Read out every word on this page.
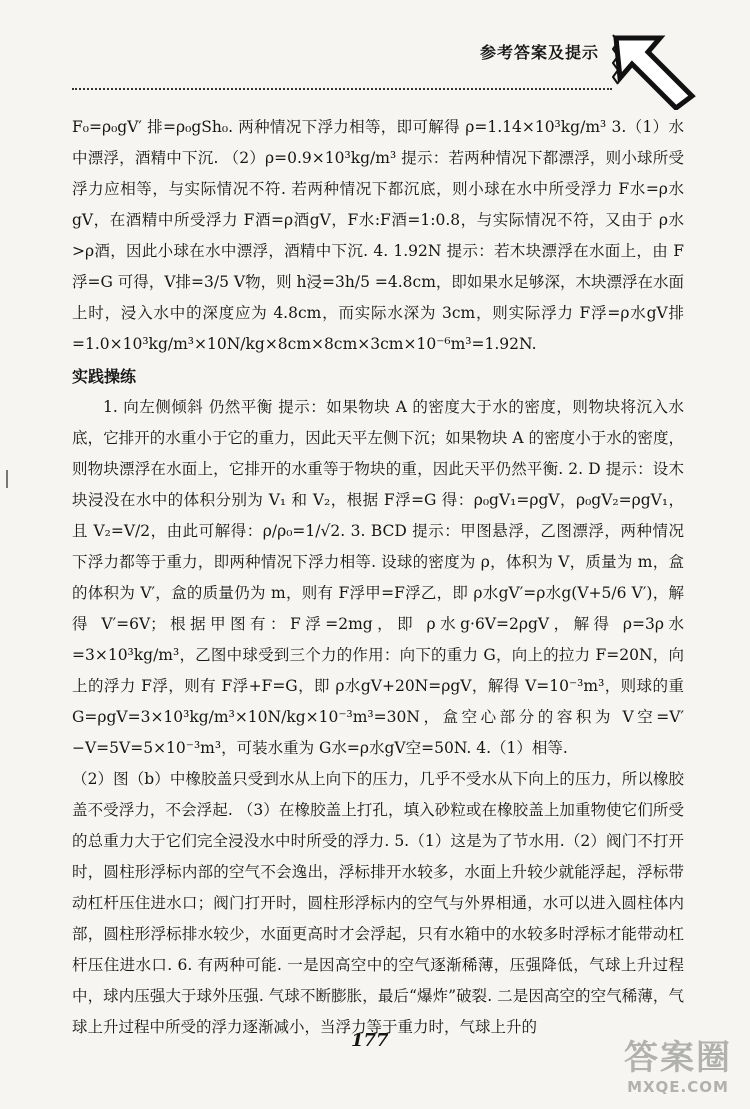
参考答案及提示

F₀=ρ₀gV′ 排=ρ₀gSh₀. 两种情况下浮力相等，即可解得 ρ=1.14×10³kg/m³ 3.（1）水中漂浮，酒精中下沉. （2）ρ=0.9×10³kg/m³ 提示：若两种情况下都漂浮，则小球所受浮力应相等，与实际情况不符. 若两种情况下都沉底，则小球在水中所受浮力 F水=ρ水gV，在酒精中所受浮力 F酒=ρ酒gV，F水:F酒=1:0.8，与实际情况不符，又由于 ρ水>ρ酒，因此小球在水中漂浮，酒精中下沉. 4. 1.92N 提示：若木块漂浮在水面上，由 F浮=G 可得，V排=3/5 V物，则 h浸=3h/5 =4.8cm，即如果水足够深，木块漂浮在水面上时，浸入水中的深度应为 4.8cm，而实际水深为 3cm，则实际浮力 F浮=ρ水gV排=1.0×10³kg/m³×10N/kg×8cm×8cm×3cm×10⁻⁶m³=1.92N.

实践操练

1. 向左侧倾斜 仍然平衡 提示：如果物块 A 的密度大于水的密度，则物块将沉入水底，它排开的水重小于它的重力，因此天平左侧下沉；如果物块 A 的密度小于水的密度，则物块漂浮在水面上，它排开的水重等于物块的重，因此天平仍然平衡. 2. D 提示：设木块浸没在水中的体积分别为 V₁ 和 V₂，根据 F浮=G 得：ρ₀gV₁=ρgV，ρ₀gV₂=ρgV₁，且 V₂=V/2，由此可解得：ρ/ρ₀=1/√2. 3. BCD 提示：甲图悬浮，乙图漂浮，两种情况下浮力都等于重力，即两种情况下浮力相等. 设球的密度为 ρ，体积为 V，质量为 m，盒的体积为 V′，盒的质量仍为 m，则有 F浮甲=F浮乙，即 ρ水gV′=ρ水g(V+5/6 V′)，解得 V′=6V；根据甲图有：F浮=2mg，即 ρ水g·6V=2ρgV，解得 ρ=3ρ水=3×10³kg/m³，乙图中球受到三个力的作用：向下的重力 G，向上的拉力 F=20N，向上的浮力 F浮，则有 F浮+F=G，即 ρ水gV+20N=ρgV，解得 V=10⁻³m³，则球的重 G=ρgV=3×10³kg/m³×10N/kg×10⁻³m³=30N，盒空心部分的容积为 V空=V′−V=5V=5×10⁻³m³，可装水重为 G水=ρ水gV空=50N. 4.（1）相等.

（2）图（b）中橡胶盖只受到水从上向下的压力，几乎不受水从下向上的压力，所以橡胶盖不受浮力，不会浮起. （3）在橡胶盖上打孔，填入砂粒或在橡胶盖上加重物使它们所受的总重力大于它们完全浸没水中时所受的浮力. 5.（1）这是为了节水用.（2）阀门不打开时，圆柱形浮标内部的空气不会逸出，浮标排开水较多，水面上升较少就能浮起，浮标带动杠杆压住进水口；阀门打开时，圆柱形浮标内的空气与外界相通，水可以进入圆柱体内部，圆柱形浮标排水较少，水面更高时才会浮起，只有水箱中的水较多时浮标才能带动杠杆压住进水口. 6. 有两种可能. 一是因高空中的空气逐渐稀薄，压强降低，气球上升过程中，球内压强大于球外压强. 气球不断膨胀，最后“爆炸”破裂. 二是因高空的空气稀薄，气球上升过程中所受的浮力逐渐减小，当浮力等于重力时，气球上升的

177	答案圈
MXQE.COM
